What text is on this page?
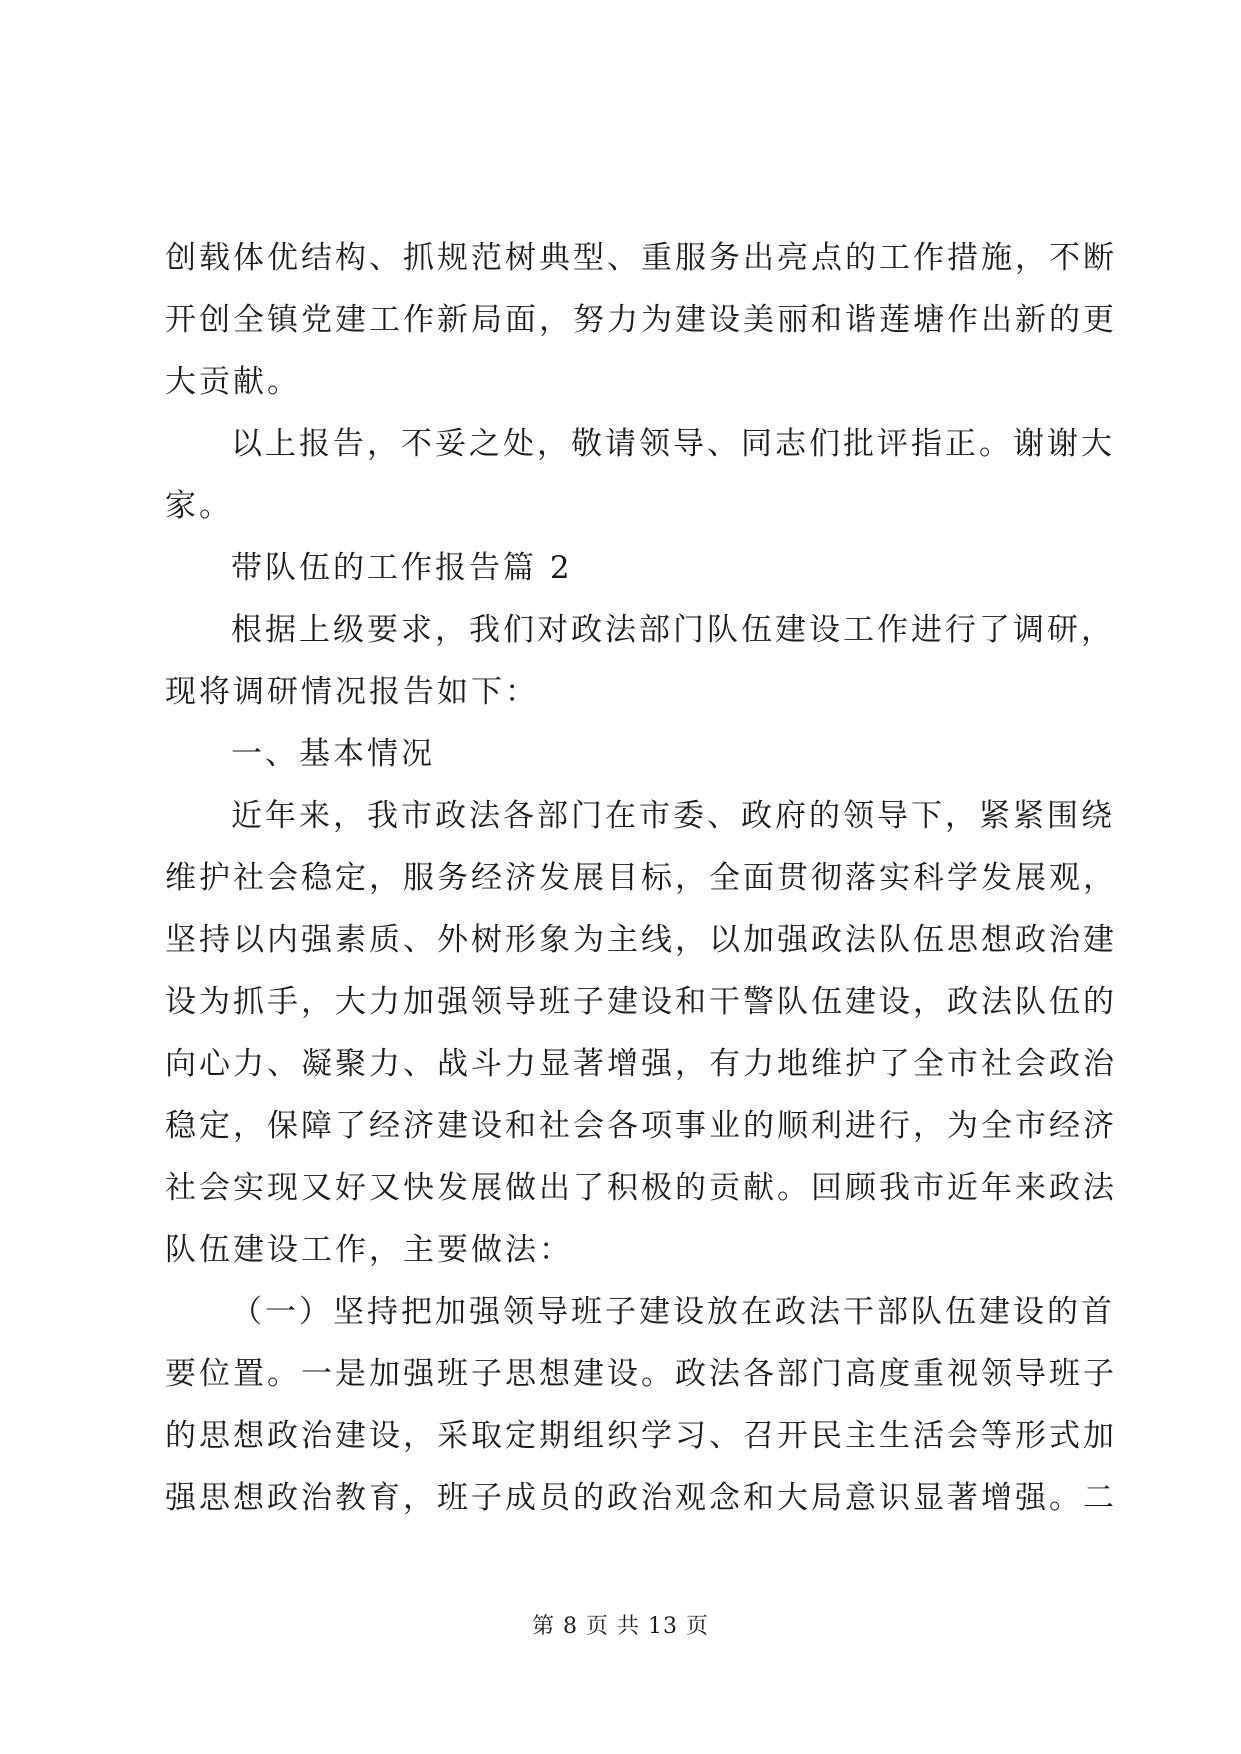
创载体优结构、抓规范树典型、重服务出亮点的工作措施，不断
开创全镇党建工作新局面，努力为建设美丽和谐莲塘作出新的更
大贡献。
以上报告，不妥之处，敬请领导、同志们批评指正。谢谢大
家。
带队伍的工作报告篇 2
根据上级要求，我们对政法部门队伍建设工作进行了调研，
现将调研情况报告如下：
一、基本情况
近年来，我市政法各部门在市委、政府的领导下，紧紧围绕
维护社会稳定，服务经济发展目标，全面贯彻落实科学发展观，
坚持以内强素质、外树形象为主线，以加强政法队伍思想政治建
设为抓手，大力加强领导班子建设和干警队伍建设，政法队伍的
向心力、凝聚力、战斗力显著增强，有力地维护了全市社会政治
稳定，保障了经济建设和社会各项事业的顺利进行，为全市经济
社会实现又好又快发展做出了积极的贡献。回顾我市近年来政法
队伍建设工作，主要做法：
（一）坚持把加强领导班子建设放在政法干部队伍建设的首
要位置。一是加强班子思想建设。政法各部门高度重视领导班子
的思想政治建设，采取定期组织学习、召开民主生活会等形式加
强思想政治教育，班子成员的政治观念和大局意识显著增强。二
第 8 页 共 13 页
